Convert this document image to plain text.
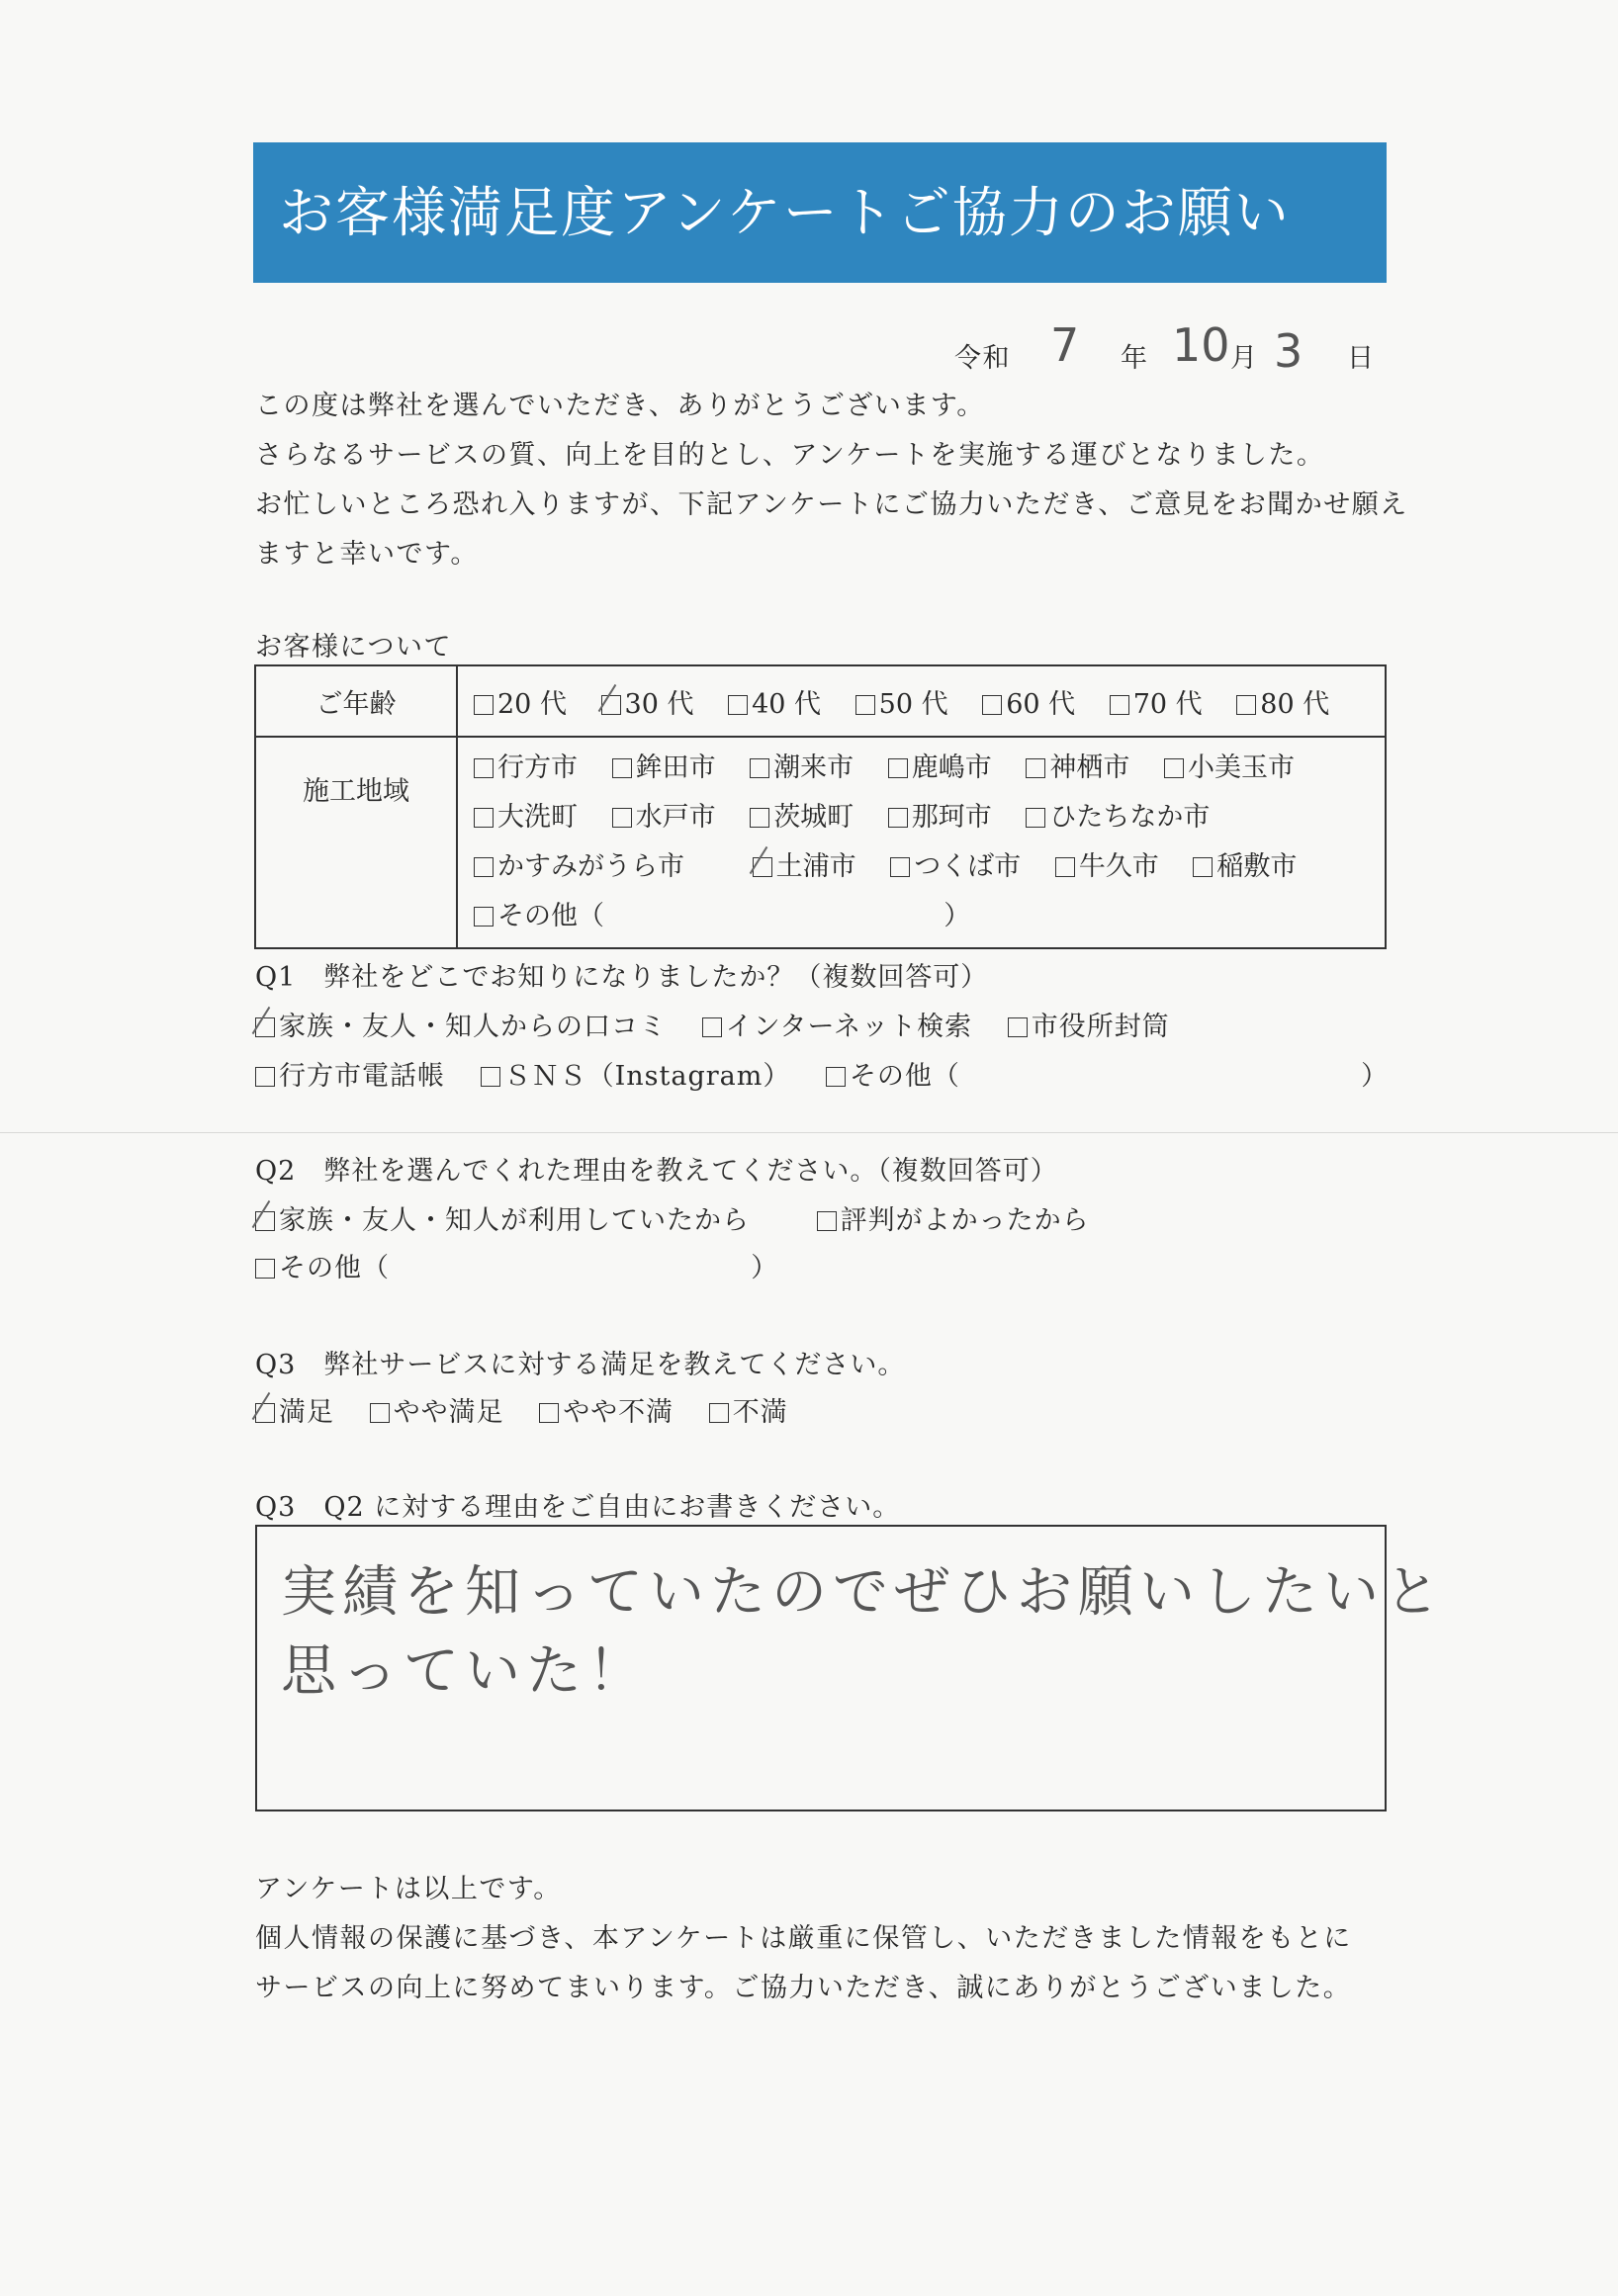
お客様満足度アンケートご協力のお願い
令和 7 年 10 月 3 日
この度は弊社を選んでいただき、ありがとうございます。
さらなるサービスの質、向上を目的とし、アンケートを実施する運びとなりました。
お忙しいところ恐れ入りますが、下記アンケートにご協力いただき、ご意見をお聞かせ願え
ますと幸いです。
お客様について
ご年齢	20 代 30 代 40 代 50 代 60 代 70 代 80 代
施工地域	行方市 鉾田市 潮来市 鹿嶋市 神栖市 小美玉市
大洗町 水戸市 茨城町 那珂市 ひたちなか市
かすみがうら市 土浦市 つくば市 牛久市 稲敷市
その他（ ）
Q1　弊社をどこでお知りになりましたか？（複数回答可）
家族・友人・知人からの口コミ インターネット検索 市役所封筒
行方市電話帳 ＳＮＳ（Instagram） その他（	）
Q2　弊社を選んでくれた理由を教えてください。（複数回答可）
家族・友人・知人が利用していたから	評判がよかったから
その他（	）
Q3　弊社サービスに対する満足を教えてください。
満足 やや満足 やや不満 不満
Q3　Q2 に対する理由をご自由にお書きください。
実績を知っていたのでぜひお願いしたいと
思っていた！
アンケートは以上です。
個人情報の保護に基づき、本アンケートは厳重に保管し、いただきました情報をもとに
サービスの向上に努めてまいります。ご協力いただき、誠にありがとうございました。
